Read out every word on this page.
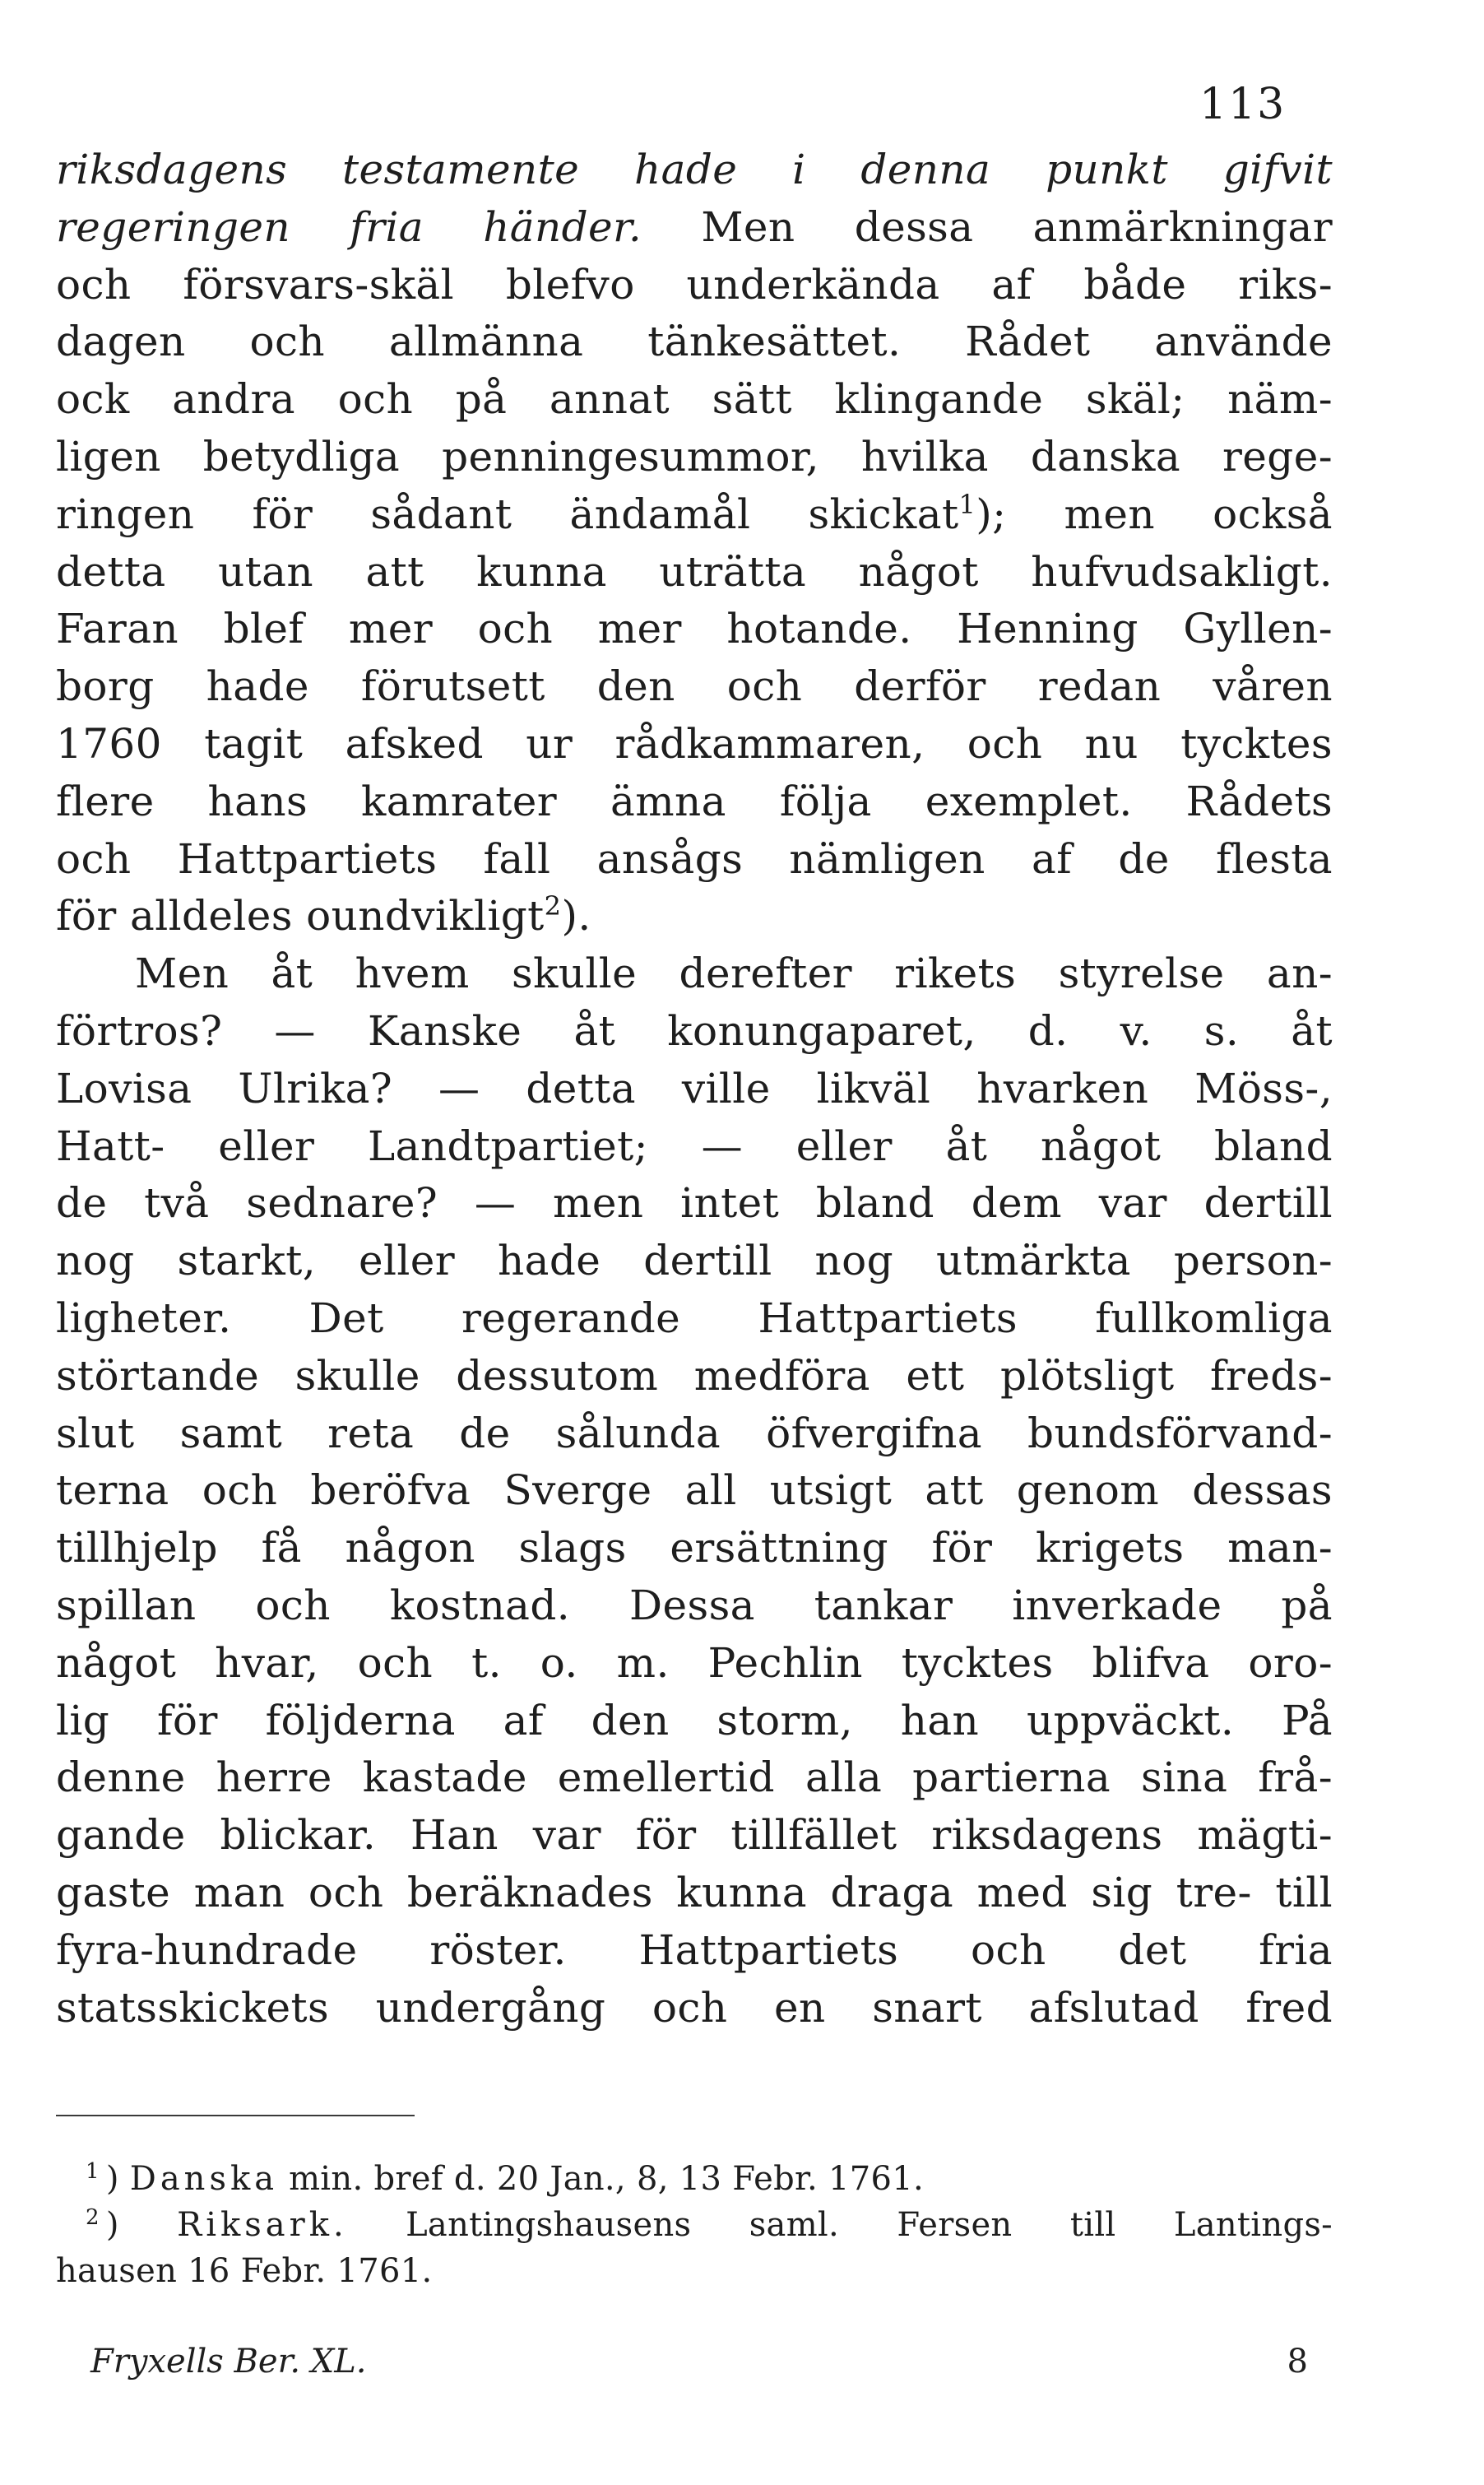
113
riksdagens testamente hade i denna punkt gifvit
regeringen fria händer. Men dessa anmärkningar
och försvars-skäl blefvo underkända af både riks-
dagen och allmänna tänkesättet. Rådet använde
ock andra och på annat sätt klingande skäl; näm-
ligen betydliga penningesummor, hvilka danska rege-
ringen för sådant ändamål skickat$^1$); men också
detta utan att kunna uträtta något hufvudsakligt.
Faran blef mer och mer hotande. Henning Gyllen-
borg hade förutsett den och derför redan våren
1760 tagit afsked ur rådkammaren, och nu tycktes
flere hans kamrater ämna följa exemplet. Rådets
och Hattpartiets fall ansågs nämligen af de flesta
för alldeles oundvikligt$^2$).
Men åt hvem skulle derefter rikets styrelse an-
förtros? — Kanske åt konungaparet, d. v. s. åt
Lovisa Ulrika? — detta ville likväl hvarken Möss-,
Hatt- eller Landtpartiet; — eller åt något bland
de två sednare? — men intet bland dem var dertill
nog starkt, eller hade dertill nog utmärkta person-
ligheter. Det regerande Hattpartiets fullkomliga
störtande skulle dessutom medföra ett plötsligt freds-
slut samt reta de sålunda öfvergifna bundsförvand-
terna och beröfva Sverge all utsigt att genom dessas
tillhjelp få någon slags ersättning för krigets man-
spillan och kostnad. Dessa tankar inverkade på
något hvar, och t. o. m. Pechlin tycktes blifva oro-
lig för följderna af den storm, han uppväckt. På
denne herre kastade emellertid alla partierna sina frå-
gande blickar. Han var för tillfället riksdagens mägti-
gaste man och beräknades kunna draga med sig tre- till
fyra-hundrade röster. Hattpartiets och det fria
statsskickets undergång och en snart afslutad fred
$^1$ ) Danska min. bref d. 20 Jan., 8, 13 Febr. 1761.
$^2$ ) Riksark. Lantingshausens saml. Fersen till Lantings-
hausen 16 Febr. 1761.
Fryxells Ber. XL.	8
